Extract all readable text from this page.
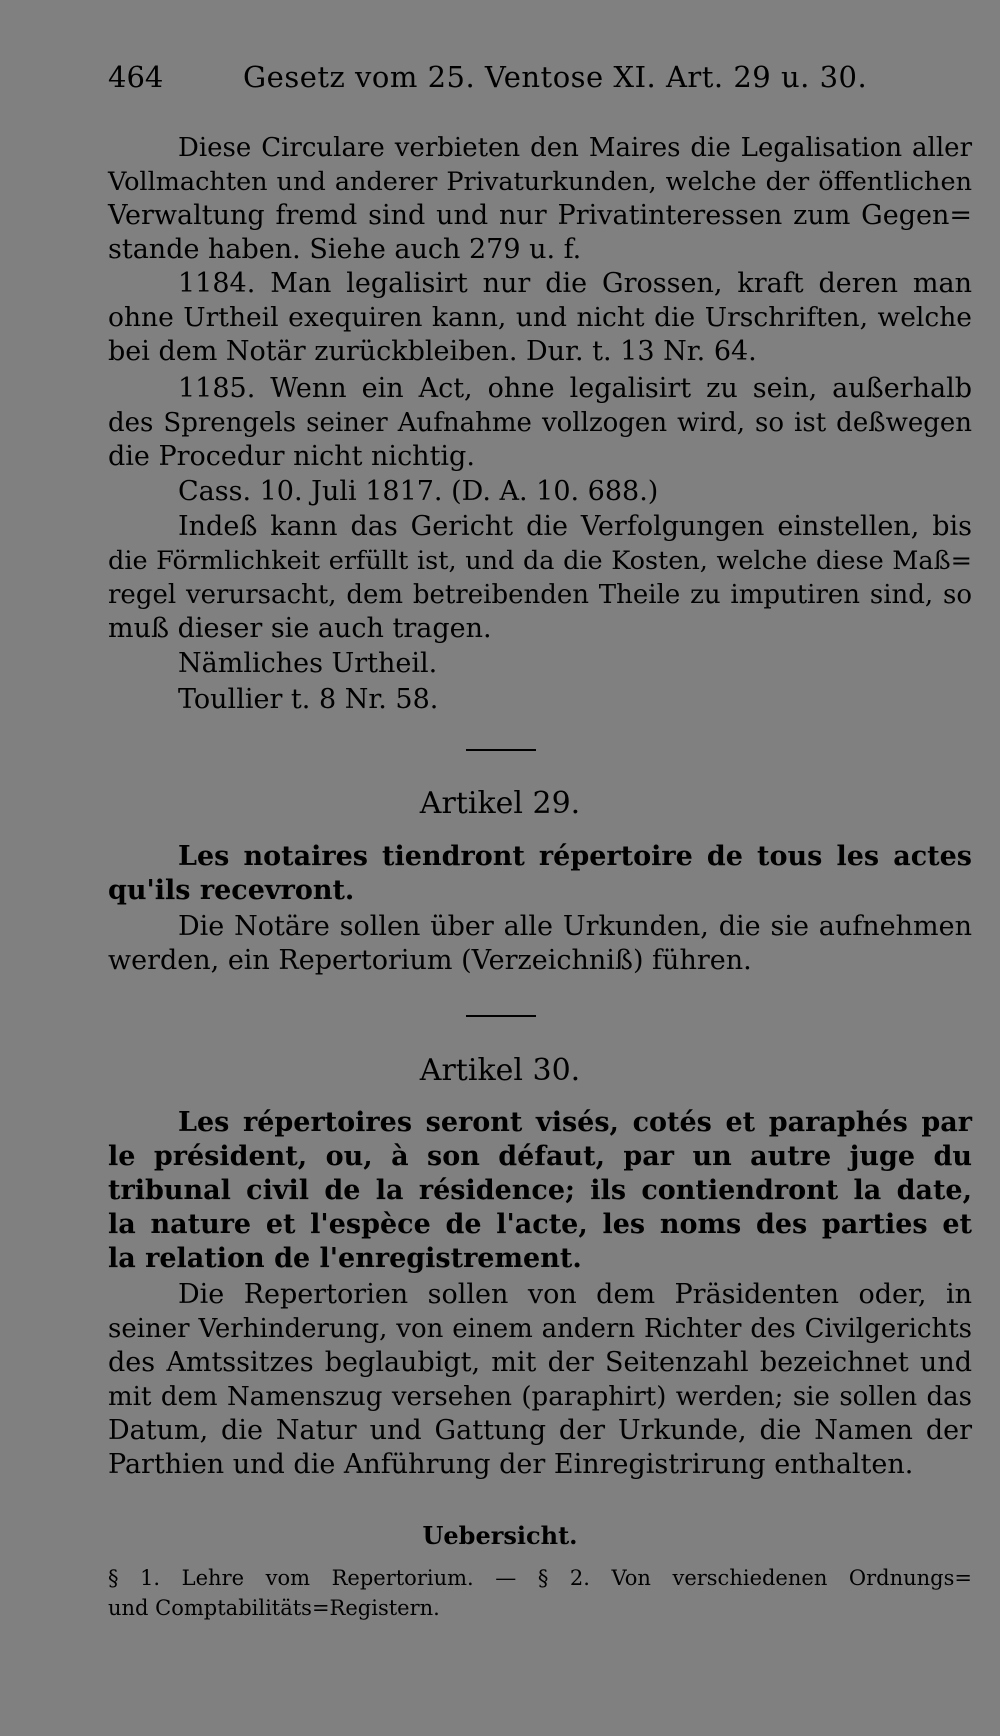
464	Gesetz vom 25. Ventose XI. Art. 29 u. 30.
Diese Circulare verbieten den Maires die Legalisation aller
Vollmachten und anderer Privaturkunden, welche der öffentlichen
Verwaltung fremd sind und nur Privatinteressen zum Gegen=
stande haben. Siehe auch 279 u. f.
1184. Man legalisirt nur die Grossen, kraft deren man
ohne Urtheil exequiren kann, und nicht die Urschriften, welche
bei dem Notär zurückbleiben. Dur. t. 13 Nr. 64.
1185. Wenn ein Act, ohne legalisirt zu sein, außerhalb
des Sprengels seiner Aufnahme vollzogen wird, so ist deßwegen
die Procedur nicht nichtig.
Cass. 10. Juli 1817. (D. A. 10. 688.)
Indeß kann das Gericht die Verfolgungen einstellen, bis
die Förmlichkeit erfüllt ist, und da die Kosten, welche diese Maß=
regel verursacht, dem betreibenden Theile zu imputiren sind, so
muß dieser sie auch tragen.
Nämliches Urtheil.
Toullier t. 8 Nr. 58.
Artikel 29.
Les notaires tiendront répertoire de tous les actes
qu'ils recevront.
Die Notäre sollen über alle Urkunden, die sie aufnehmen
werden, ein Repertorium (Verzeichniß) führen.
Artikel 30.
Les répertoires seront visés, cotés et paraphés par
le président, ou, à son défaut, par un autre juge du
tribunal civil de la résidence; ils contiendront la date,
la nature et l'espèce de l'acte, les noms des parties et
la relation de l'enregistrement.
Die Repertorien sollen von dem Präsidenten oder, in
seiner Verhinderung, von einem andern Richter des Civilgerichts
des Amtssitzes beglaubigt, mit der Seitenzahl bezeichnet und
mit dem Namenszug versehen (paraphirt) werden; sie sollen das
Datum, die Natur und Gattung der Urkunde, die Namen der
Parthien und die Anführung der Einregistrirung enthalten.
Uebersicht.
§ 1. Lehre vom Repertorium. — § 2. Von verschiedenen Ordnungs=
und Comptabilitäts=Registern.
